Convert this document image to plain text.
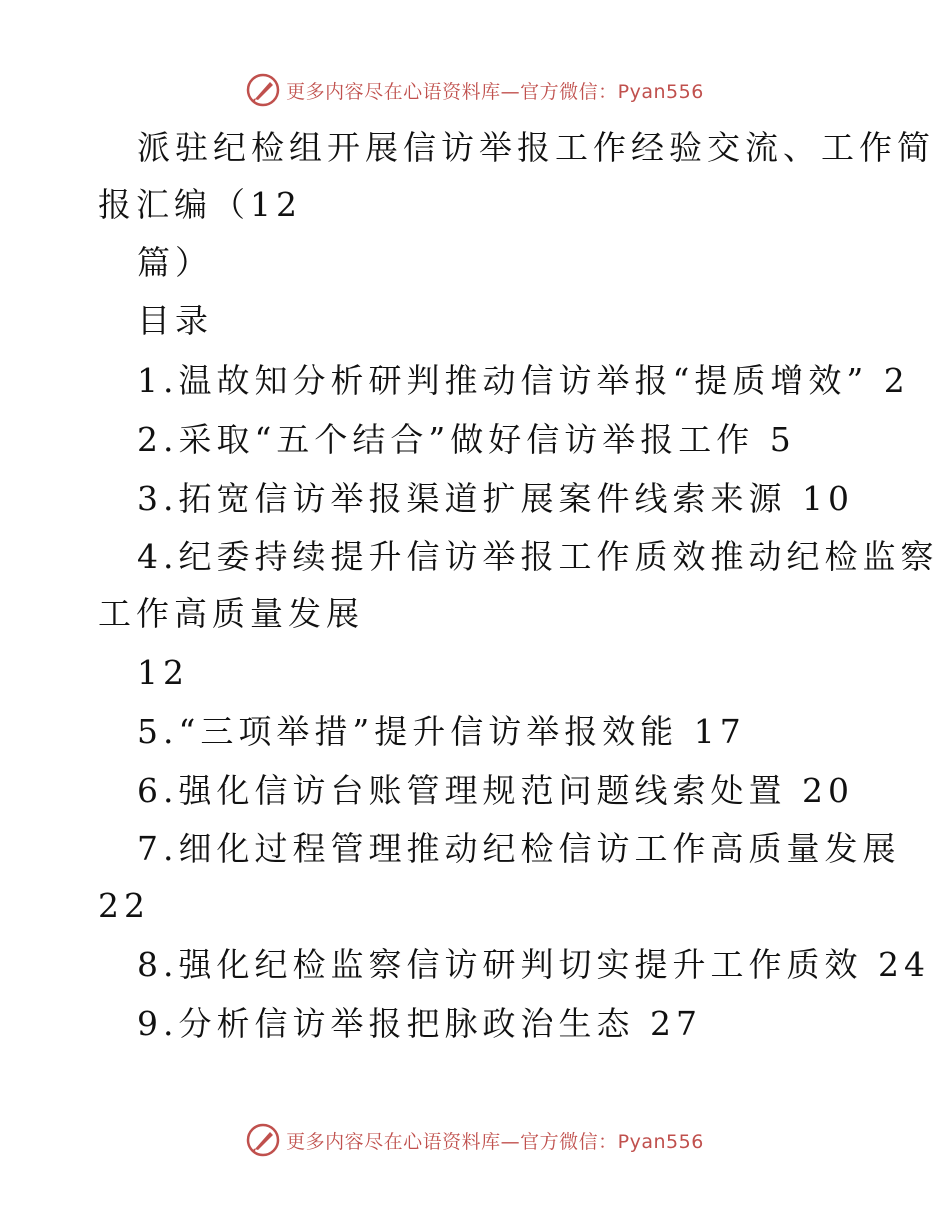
更多内容尽在心语资料库—官方微信：Pyan556
派驻纪检组开展信访举报工作经验交流、工作简
报汇编（12
篇）
目录
1.温故知分析研判推动信访举报“提质增效” 2
2.采取“五个结合”做好信访举报工作 5
3.拓宽信访举报渠道扩展案件线索来源 10
4.纪委持续提升信访举报工作质效推动纪检监察
工作高质量发展
12
5.“三项举措”提升信访举报效能 17
6.强化信访台账管理规范问题线索处置 20
7.细化过程管理推动纪检信访工作高质量发展
22
8.强化纪检监察信访研判切实提升工作质效 24
9.分析信访举报把脉政治生态 27
更多内容尽在心语资料库—官方微信：Pyan556
